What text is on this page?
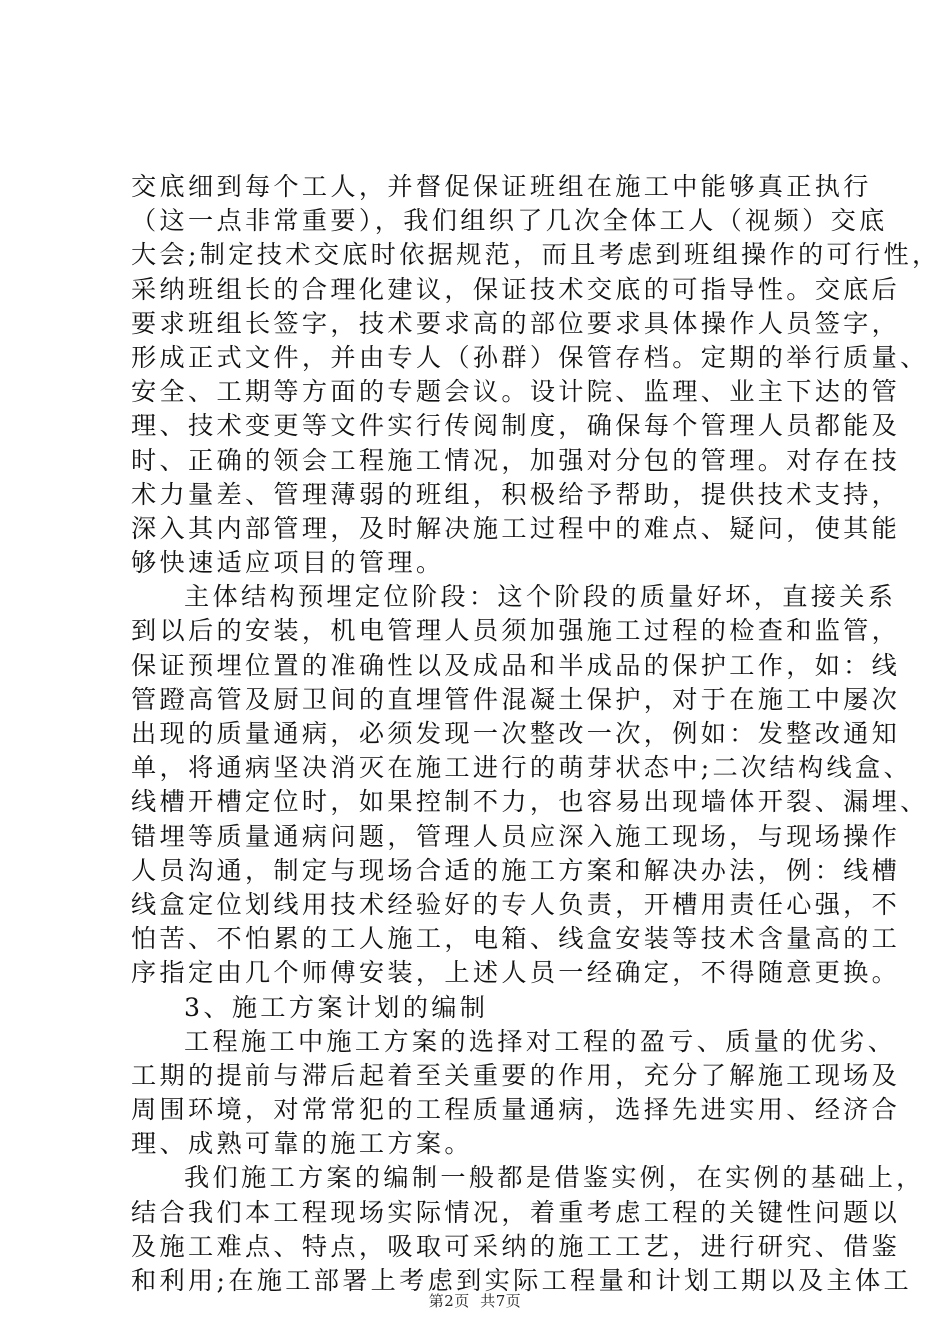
交底细到每个工人，并督促保证班组在施工中能够真正执行
（这一点非常重要），我们组织了几次全体工人（视频）交底
大会;制定技术交底时依据规范，而且考虑到班组操作的可行性，
采纳班组长的合理化建议，保证技术交底的可指导性。交底后
要求班组长签字，技术要求高的部位要求具体操作人员签字，
形成正式文件，并由专人（孙群）保管存档。定期的举行质量、
安全、工期等方面的专题会议。设计院、监理、业主下达的管
理、技术变更等文件实行传阅制度，确保每个管理人员都能及
时、正确的领会工程施工情况，加强对分包的管理。对存在技
术力量差、管理薄弱的班组，积极给予帮助，提供技术支持，
深入其内部管理，及时解决施工过程中的难点、疑问，使其能
够快速适应项目的管理。
主体结构预埋定位阶段：这个阶段的质量好坏，直接关系
到以后的安装，机电管理人员须加强施工过程的检查和监管，
保证预埋位置的准确性以及成品和半成品的保护工作，如：线
管蹬高管及厨卫间的直埋管件混凝土保护，对于在施工中屡次
出现的质量通病，必须发现一次整改一次，例如：发整改通知
单，将通病坚决消灭在施工进行的萌芽状态中;二次结构线盒、
线槽开槽定位时，如果控制不力，也容易出现墙体开裂、漏埋、
错埋等质量通病问题，管理人员应深入施工现场，与现场操作
人员沟通，制定与现场合适的施工方案和解决办法，例：线槽
线盒定位划线用技术经验好的专人负责，开槽用责任心强，不
怕苦、不怕累的工人施工，电箱、线盒安装等技术含量高的工
序指定由几个师傅安装，上述人员一经确定，不得随意更换。
3、施工方案计划的编制
工程施工中施工方案的选择对工程的盈亏、质量的优劣、
工期的提前与滞后起着至关重要的作用，充分了解施工现场及
周围环境，对常常犯的工程质量通病，选择先进实用、经济合
理、成熟可靠的施工方案。
我们施工方案的编制一般都是借鉴实例，在实例的基础上，
结合我们本工程现场实际情况，着重考虑工程的关键性问题以
及施工难点、特点，吸取可采纳的施工工艺，进行研究、借鉴
和利用;在施工部署上考虑到实际工程量和计划工期以及主体工
第2页  共7页
